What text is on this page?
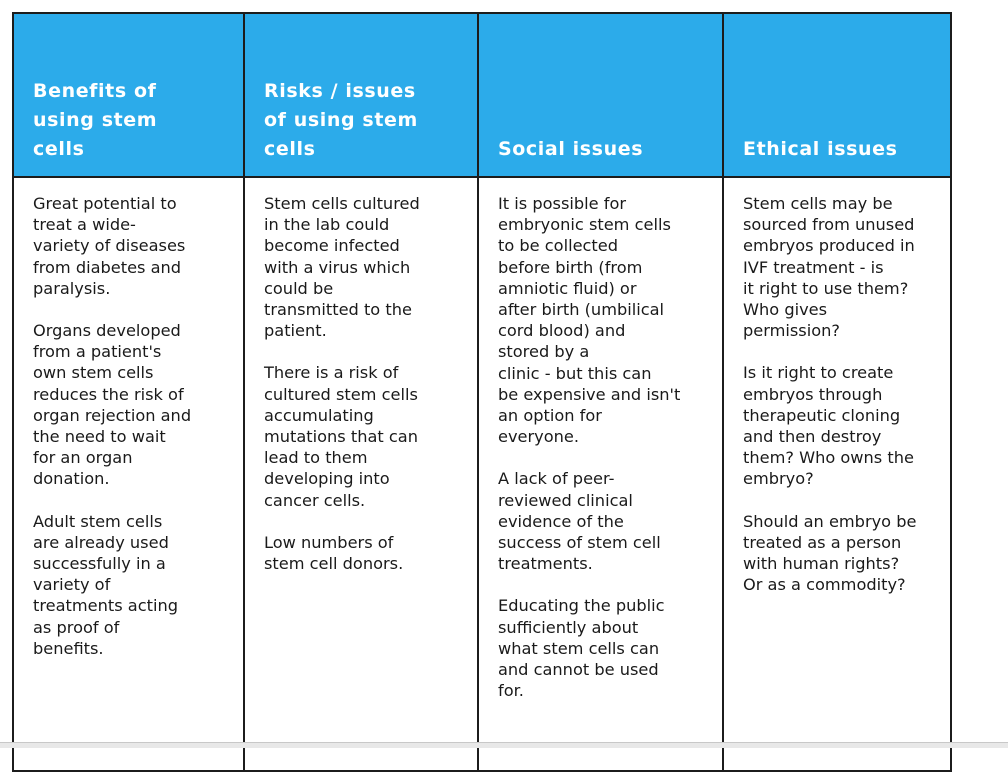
Benefits of
using stem
cells
Risks / issues
of using stem
cells	Social issues	Ethical issues

Great potential to
treat a wide-
variety of diseases
from diabetes and
paralysis.

Organs developed
from a patient's
own stem cells
reduces the risk of
organ rejection and
the need to wait
for an organ
donation.

Adult stem cells
are already used
successfully in a
variety of
treatments acting
as proof of
benefits.

Stem cells cultured
in the lab could
become infected
with a virus which
could be
transmitted to the
patient.

There is a risk of
cultured stem cells
accumulating
mutations that can
lead to them
developing into
cancer cells.

Low numbers of
stem cell donors.

It is possible for
embryonic stem cells
to be collected
before birth (from
amniotic fluid) or
after birth (umbilical
cord blood) and
stored by a
clinic - but this can
be expensive and isn't
an option for
everyone.

A lack of peer-
reviewed clinical
evidence of the
success of stem cell
treatments.

Educating the public
sufficiently about
what stem cells can
and cannot be used
for.

Stem cells may be
sourced from unused
embryos produced in
IVF treatment - is
it right to use them?
Who gives
permission?

Is it right to create
embryos through
therapeutic cloning
and then destroy
them? Who owns the
embryo?

Should an embryo be
treated as a person
with human rights?
Or as a commodity?
